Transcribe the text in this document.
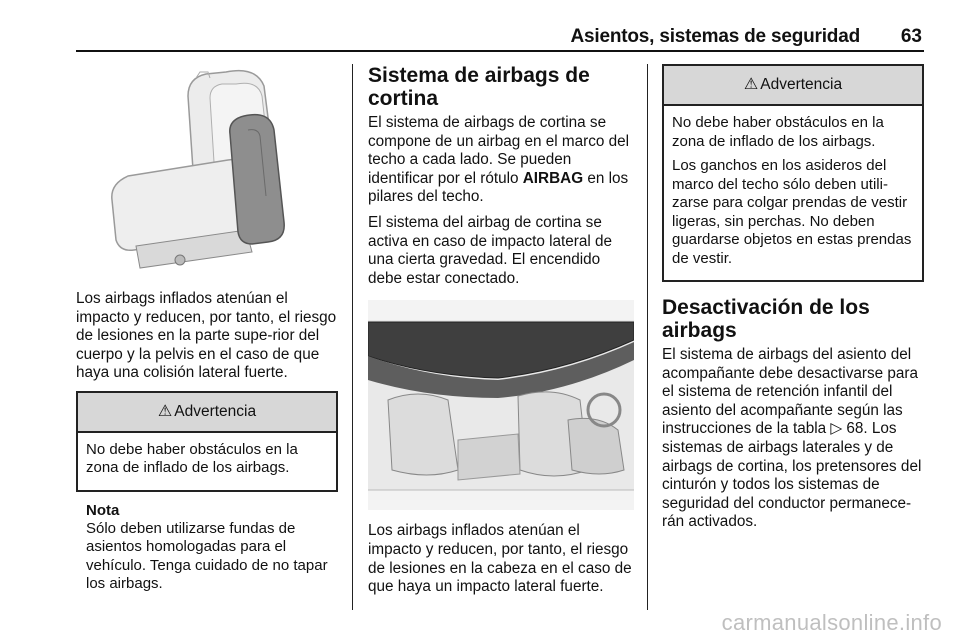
Asientos, sistemas de seguridad 63

Los airbags inflados atenúan el impacto y reducen, por tanto, el riesgo de lesiones en la parte supe-rior del cuerpo y la pelvis en el caso de que haya una colisión lateral fuerte.

⚠ Advertencia

No debe haber obstáculos en la zona de inflado de los airbags.

Nota

Sólo deben utilizarse fundas de asientos homologadas para el vehículo. Tenga cuidado de no tapar los airbags.

Sistema de airbags de cortina

El sistema de airbags de cortina se compone de un airbag en el marco del techo a cada lado. Se pueden identificar por el rótulo AIRBAG en los pilares del techo.

El sistema del airbag de cortina se activa en caso de impacto lateral de una cierta gravedad. El encendido debe estar conectado.

Los airbags inflados atenúan el impacto y reducen, por tanto, el riesgo de lesiones en la cabeza en el caso de que haya un impacto lateral fuerte.

⚠ Advertencia

No debe haber obstáculos en la zona de inflado de los airbags.

Los ganchos en los asideros del marco del techo sólo deben utili-zarse para colgar prendas de vestir ligeras, sin perchas. No deben guardarse objetos en estas prendas de vestir.

Desactivación de los airbags

El sistema de airbags del asiento del acompañante debe desactivarse para el sistema de retención infantil del asiento del acompañante según las instrucciones de la tabla ▷ 68. Los sistemas de airbags laterales y de airbags de cortina, los pretensores del cinturón y todos los sistemas de seguridad del conductor permanece-rán activados.

carmanualsonline.info
